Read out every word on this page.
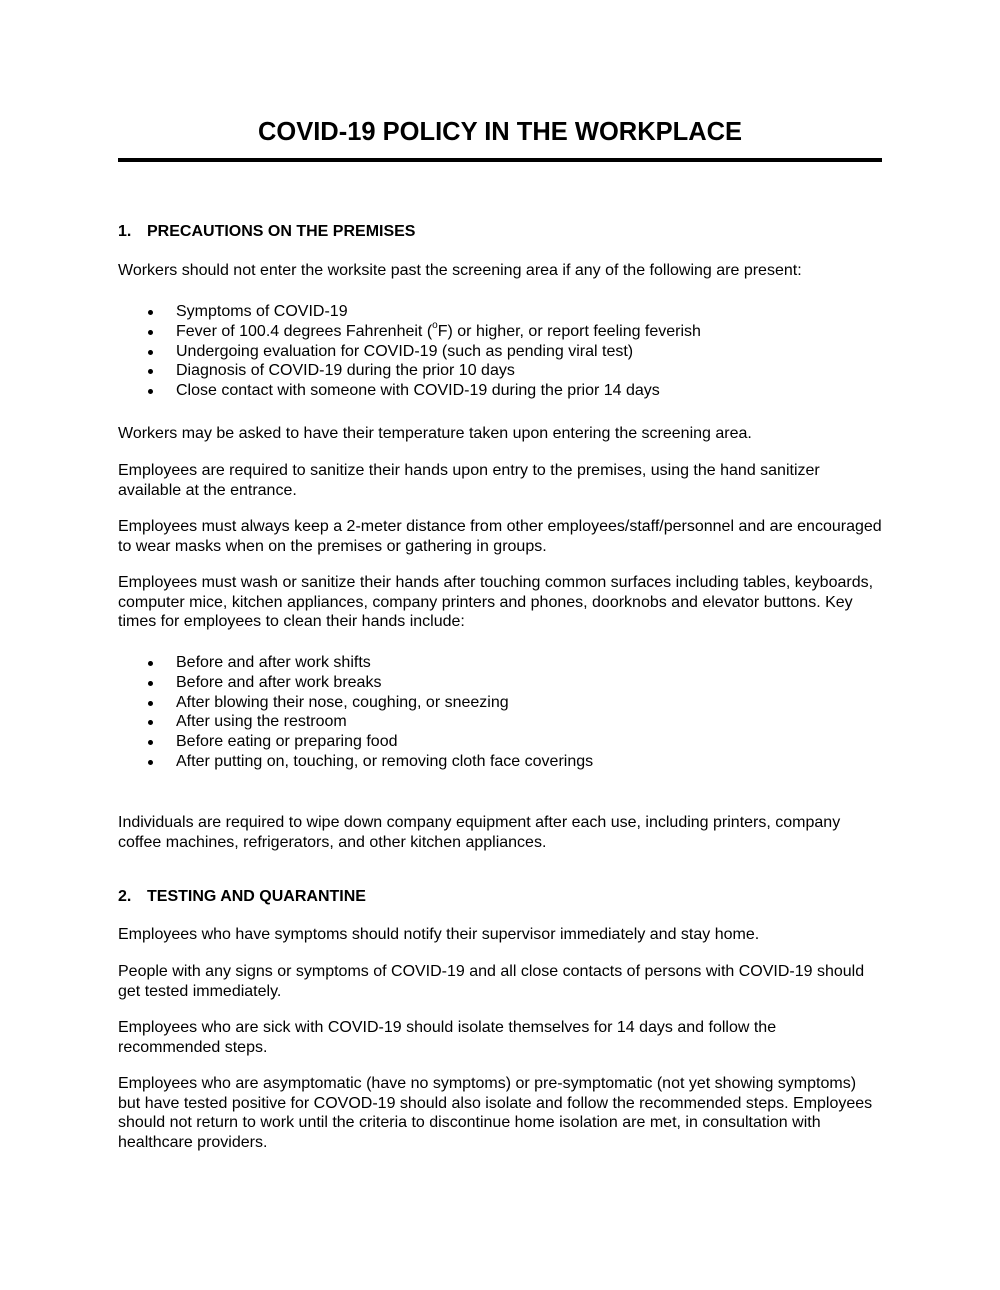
COVID-19 POLICY IN THE WORKPLACE
1. PRECAUTIONS ON THE PREMISES

Workers should not enter the worksite past the screening area if any of the following are present:

Symptoms of COVID-19
Fever of 100.4 degrees Fahrenheit ($^o$F) or higher, or report feeling feverish
Undergoing evaluation for COVID-19 (such as pending viral test)
Diagnosis of COVID-19 during the prior 10 days
Close contact with someone with COVID-19 during the prior 14 days

Workers may be asked to have their temperature taken upon entering the screening area.

Employees are required to sanitize their hands upon entry to the premises, using the hand sanitizer available at the entrance.

Employees must always keep a 2-meter distance from other employees/staff/personnel and are encouraged to wear masks when on the premises or gathering in groups.

Employees must wash or sanitize their hands after touching common surfaces including tables, keyboards, computer mice, kitchen appliances, company printers and phones, doorknobs and elevator buttons. Key times for employees to clean their hands include:

Before and after work shifts
Before and after work breaks
After blowing their nose, coughing, or sneezing
After using the restroom
Before eating or preparing food
After putting on, touching, or removing cloth face coverings

Individuals are required to wipe down company equipment after each use, including printers, company coffee machines, refrigerators, and other kitchen appliances.

2. TESTING AND QUARANTINE

Employees who have symptoms should notify their supervisor immediately and stay home.

People with any signs or symptoms of COVID-19 and all close contacts of persons with COVID-19 should get tested immediately.

Employees who are sick with COVID-19 should isolate themselves for 14 days and follow the recommended steps.

Employees who are asymptomatic (have no symptoms) or pre-symptomatic (not yet showing symptoms) but have tested positive for COVOD-19 should also isolate and follow the recommended steps. Employees should not return to work until the criteria to discontinue home isolation are met, in consultation with healthcare providers.
